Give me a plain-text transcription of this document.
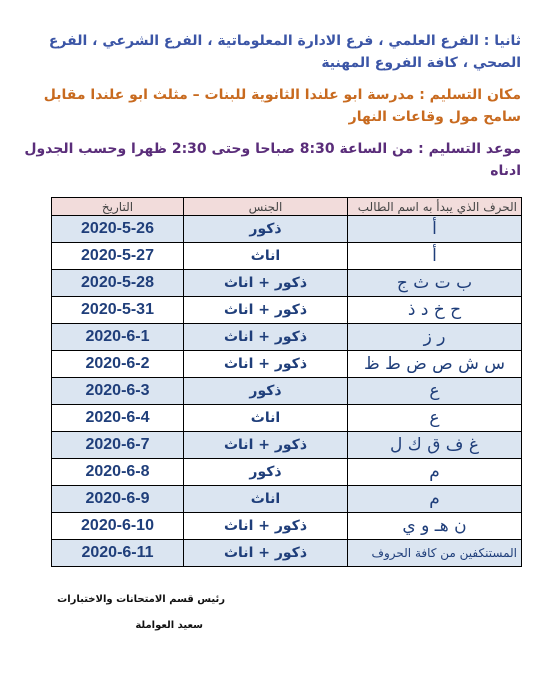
ثانيا : الفرع العلمي ، فرع الادارة المعلوماتية ، الفرع الشرعي ، الفرع الصحي ، كافة الفروع المهنية
مكان التسليم : مدرسة ابو علندا الثانوية للبنات – مثلث ابو علندا مقابل سامح مول وقاعات النهار
موعد التسليم : من الساعة 8:30 صباحا وحتى 2:30 ظهرا وحسب الجدول ادناه
الحرف الذي يبدأ به اسم الطالب	الجنس	التاريخ
أ	ذكور	2020-5-26
أ	اناث	2020-5-27
ب ت ث ج	ذكور + اناث	2020-5-28
ح خ د ذ	ذكور + اناث	2020-5-31
ر ز	ذكور + اناث	2020-6-1
س ش ص ض ط ظ	ذكور + اناث	2020-6-2
ع	ذكور	2020-6-3
ع	اناث	2020-6-4
غ ف ق ك ل	ذكور + اناث	2020-6-7
م	ذكور	2020-6-8
م	اناث	2020-6-9
ن هـ و ي	ذكور + اناث	2020-6-10
المستنكفين من كافة الحروف	ذكور + اناث	2020-6-11
رئيس قسم الامتحانات والاختبارات
سعيد العواملة
